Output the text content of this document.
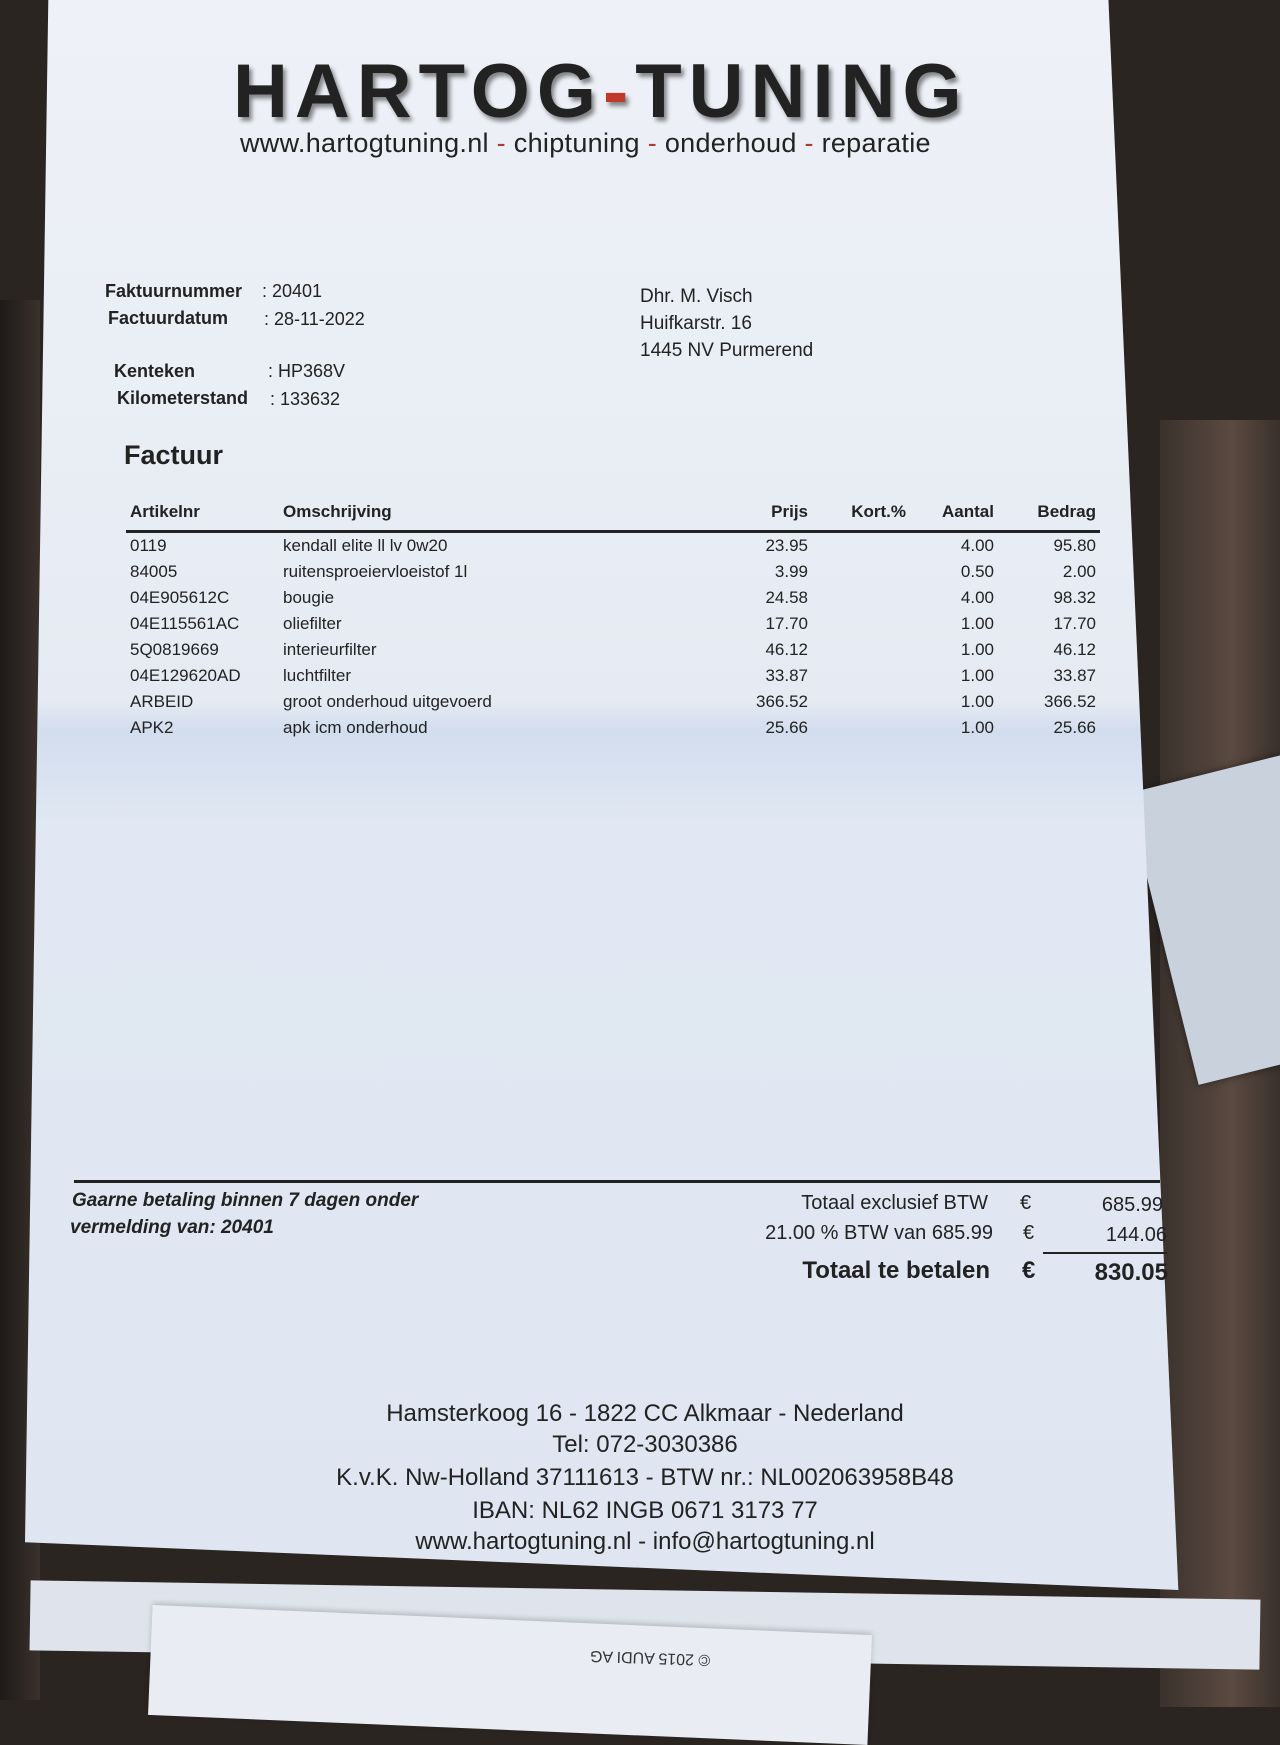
© 2015 AUDI AG
HARTOG-TUNING
www.hartogtuning.nl - chiptuning - onderhoud - reparatie
Faktuurnummer : 20401
Factuurdatum : 28-11-2022
Kenteken	: HP368V
Kilometerstand : 133632
Dhr. M. Visch
Huifkarstr. 16
1445 NV Purmerend
Factuur
Artikelnr	Omschrijving	Prijs	Kort.%	Aantal	Bedrag
0119	kendall elite ll lv 0w20	23.95		4.00	95.80
84005	ruitensproeiervloeistof 1l	3.99		0.50	2.00
04E905612C	bougie	24.58		4.00	98.32
04E115561AC	oliefilter	17.70		1.00	17.70
5Q0819669	interieurfilter	46.12		1.00	46.12
04E129620AD	luchtfilter	33.87		1.00	33.87
ARBEID	groot onderhoud uitgevoerd	366.52		1.00	366.52
APK2	apk icm onderhoud	25.66		1.00	25.66
Gaarne betaling binnen 7 dagen onder
vermelding van: 20401
Totaal exclusief BTW €	685.99
21.00 % BTW van 685.99 €	144.06
Totaal te betalen € 830.05
Hamsterkoog 16 - 1822 CC Alkmaar - Nederland
Tel: 072-3030386
K.v.K. Nw-Holland 37111613 - BTW nr.: NL002063958B48
IBAN: NL62 INGB 0671 3173 77
www.hartogtuning.nl - info@hartogtuning.nl
